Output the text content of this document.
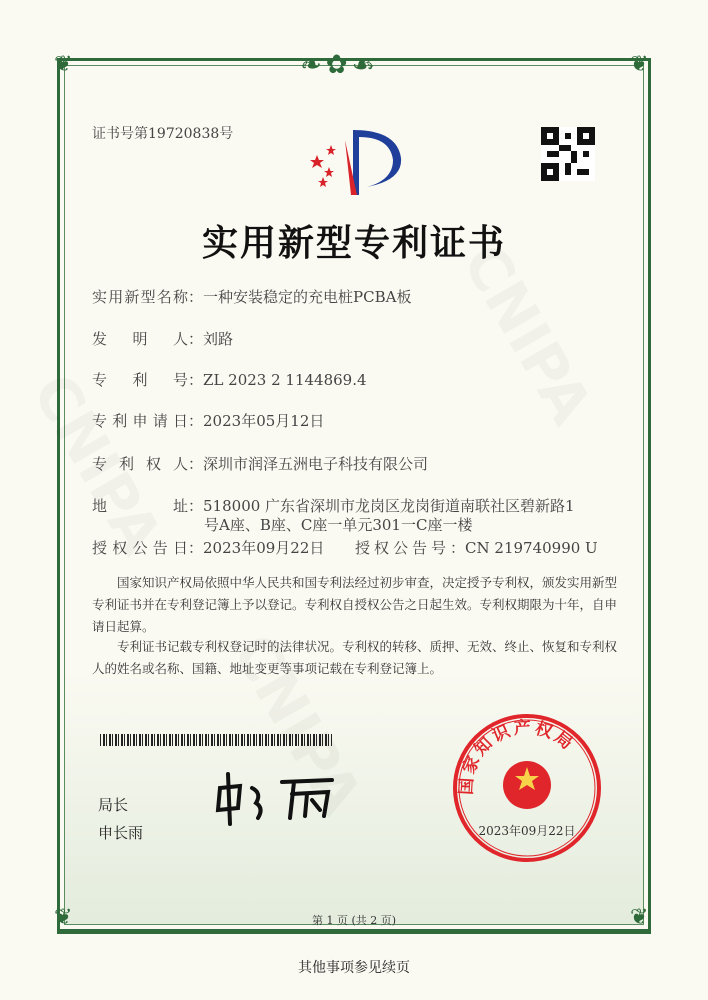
❦	❦
❦	❦
❧✿☙
证书号第19720838号
实用新型专利证书
实用新型名称：一种安装稳定的充电桩PCBA板
发明人：刘路
专利号：ZL 2023 2 1144869.4
专利申请日：2023年05月12日
专利权人：深圳市润泽五洲电子科技有限公司
地址：518000 广东省深圳市龙岗区龙岗街道南联社区碧新路1
号A座、B座、C座一单元301一C座一楼
授权公告日：2023年09月22日 授权公告号：CN 219740990 U
国家知识产权局依照中华人民共和国专利法经过初步审查，决定授予专利权，颁发实用新型专利证书并在专利登记簿上予以登记。专利权自授权公告之日起生效。专利权期限为十年，自申请日起算。
专利证书记载专利权登记时的法律状况。专利权的转移、质押、无效、终止、恢复和专利权人的姓名或名称、国籍、地址变更等事项记载在专利登记簿上。
局长
申长雨
国家知识产权局
2023年09月22日
第 1 页 (共 2 页)
其他事项参见续页
